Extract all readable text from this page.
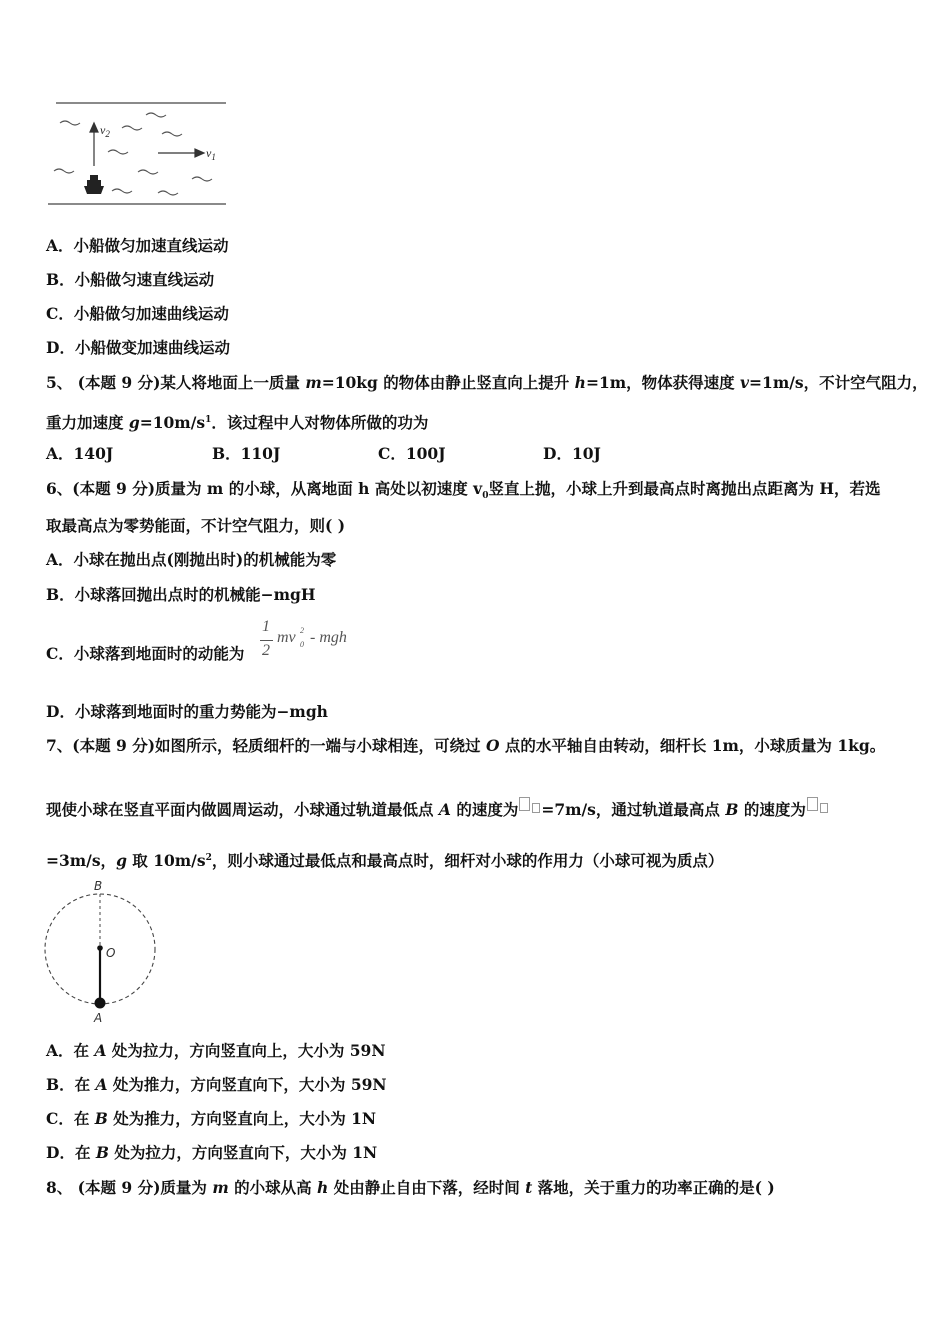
$v_2$
$v_1$
A．小船做匀加速直线运动
B．小船做匀速直线运动
C．小船做匀加速曲线运动
D．小船做变加速曲线运动
5、 (本题 9 分)某人将地面上一质量 m=10kg 的物体由静止竖直向上提升 h=1m，物体获得速度 v=1m/s，不计空气阻力，
重力加速度 $g=10m/s^1$．该过程中人对物体所做的功为
A．140J	B．110J	C．100J	D．10J
6、(本题 9 分)质量为 m 的小球，从离地面 h 高处以初速度 $v_0$竖直上抛，小球上升到最高点时离抛出点距离为 H，若选
取最高点为零势能面，不计空气阻力，则( )
A．小球在抛出点(刚抛出时)的机械能为零
B．小球落回抛出点时的机械能−mgH
C．小球落到地面时的动能为
1
2
mv 2
0 - mgh
D．小球落到地面时的重力势能为−mgh
7、(本题 9 分)如图所示，轻质细杆的一端与小球相连，可绕过 O 点的水平轴自由转动，细杆长 1m，小球质量为 1kg。
现使小球在竖直平面内做圆周运动，小球通过轨道最低点 A 的速度为 =7m/s，通过轨道最高点 B 的速度为
=3m/s，g 取 $10m/s^2$，则小球通过最低点和最高点时，细杆对小球的作用力（小球可视为质点）
B
O
A
A．在 A 处为拉力，方向竖直向上，大小为 59N
B．在 A 处为推力，方向竖直向下，大小为 59N
C．在 B 处为推力，方向竖直向上，大小为 1N
D．在 B 处为拉力，方向竖直向下，大小为 1N
8、 (本题 9 分)质量为 m 的小球从高 h 处由静止自由下落，经时间 t 落地，关于重力的功率正确的是( )
